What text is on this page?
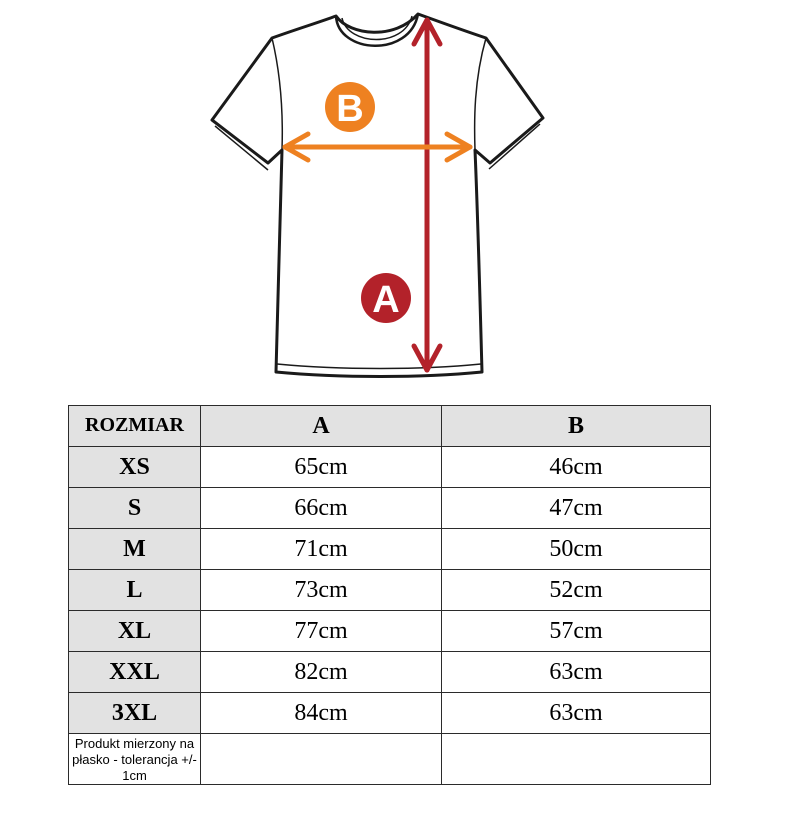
B
A
ROZMIAR	A	B
XS	65cm	46cm
S	66cm	47cm
M	71cm	50cm
L	73cm	52cm
XL	77cm	57cm
XXL	82cm	63cm
3XL	84cm	63cm
Produkt mierzony na płasko - tolerancja +/- 1cm		
